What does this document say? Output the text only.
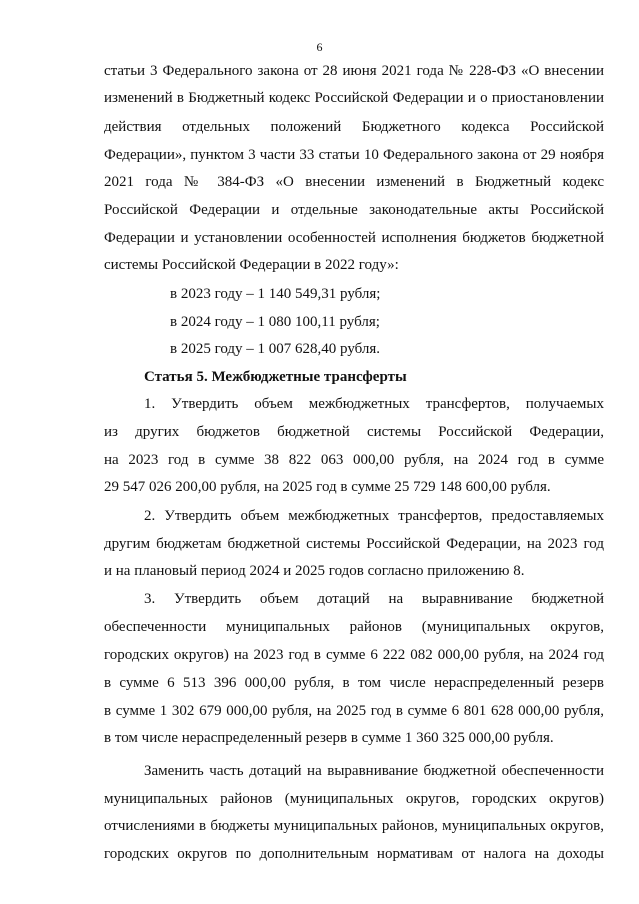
6
статьи 3 Федерального закона от 28 июня 2021 года № 228-ФЗ «О внесении
изменений в Бюджетный кодекс Российской Федерации и о приостановлении
действия отдельных положений Бюджетного кодекса Российской
Федерации», пунктом 3 части 33 статьи 10 Федерального закона от 29 ноября
2021 года № 384-ФЗ «О внесении изменений в Бюджетный кодекс
Российской Федерации и отдельные законодательные акты Российской
Федерации и установлении особенностей исполнения бюджетов бюджетной
системы Российской Федерации в 2022 году»:
в 2023 году – 1 140 549,31 рубля;
в 2024 году – 1 080 100,11 рубля;
в 2025 году – 1 007 628,40 рубля.
Статья 5. Межбюджетные трансферты
1. Утвердить объем межбюджетных трансфертов, получаемых
из других бюджетов бюджетной системы Российской Федерации,
на 2023 год в сумме 38 822 063 000,00 рубля, на 2024 год в сумме
29 547 026 200,00 рубля, на 2025 год в сумме 25 729 148 600,00 рубля.
2. Утвердить объем межбюджетных трансфертов, предоставляемых
другим бюджетам бюджетной системы Российской Федерации, на 2023 год
и на плановый период 2024 и 2025 годов согласно приложению 8.
3. Утвердить объем дотаций на выравнивание бюджетной
обеспеченности муниципальных районов (муниципальных округов,
городских округов) на 2023 год в сумме 6 222 082 000,00 рубля, на 2024 год
в сумме 6 513 396 000,00 рубля, в том числе нераспределенный резерв
в сумме 1 302 679 000,00 рубля, на 2025 год в сумме 6 801 628 000,00 рубля,
в том числе нераспределенный резерв в сумме 1 360 325 000,00 рубля.
Заменить часть дотаций на выравнивание бюджетной обеспеченности
муниципальных районов (муниципальных округов, городских округов)
отчислениями в бюджеты муниципальных районов, муниципальных округов,
городских округов по дополнительным нормативам от налога на доходы
